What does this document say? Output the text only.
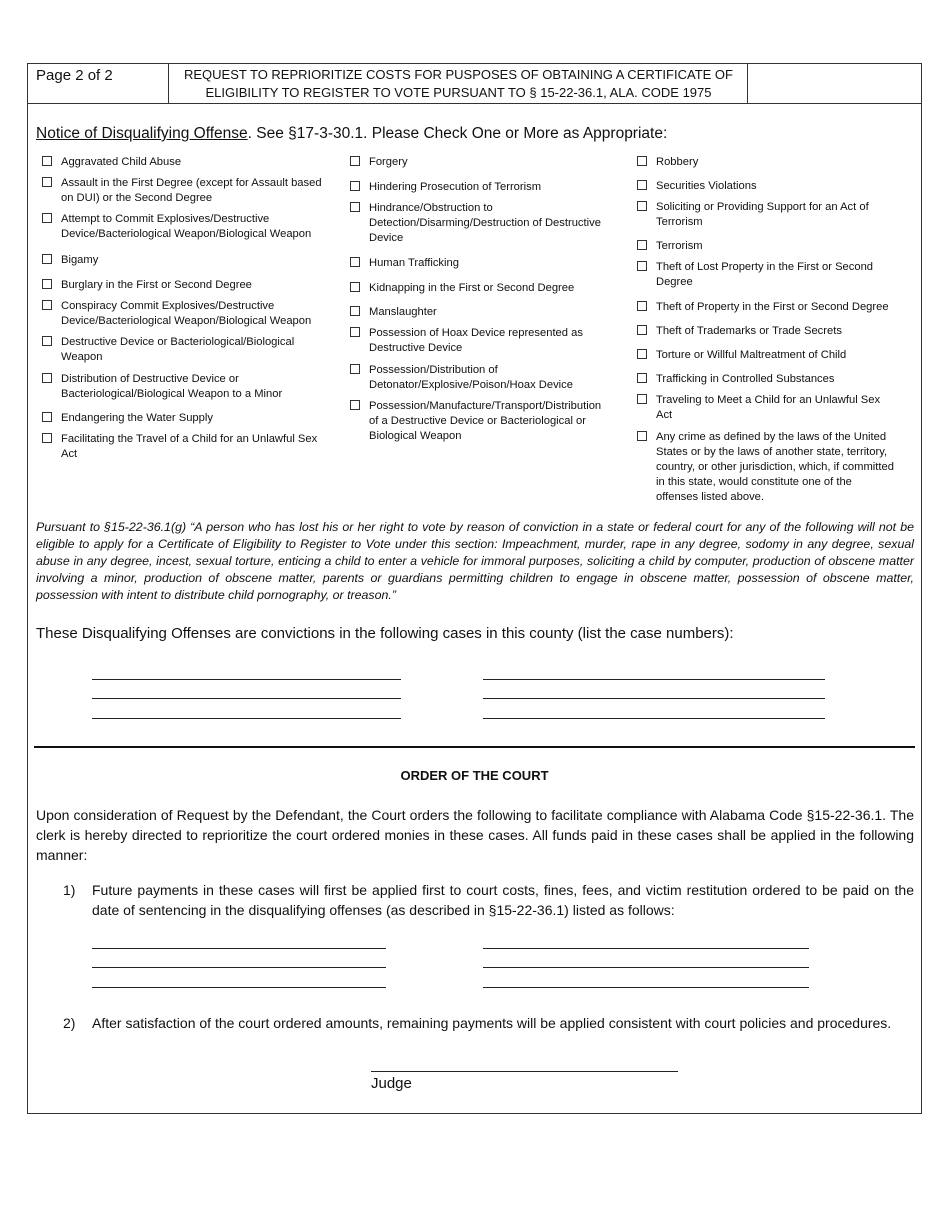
Page 2 of 2	REQUEST TO REPRIORITIZE COSTS FOR PUSPOSES OF OBTAINING A CERTIFICATE OF
ELIGIBILITY TO REGISTER TO VOTE PURSUANT TO § 15-22-36.1, ALA. CODE 1975
Notice of Disqualifying Offense. See §17-3-30.1. Please Check One or More as Appropriate:
Aggravated Child Abuse
Assault in the First Degree (except for Assault based on DUI) or the Second Degree
Attempt to Commit Explosives/Destructive Device/Bacteriological Weapon/Biological Weapon
Bigamy
Burglary in the First or Second Degree
Conspiracy Commit Explosives/Destructive Device/Bacteriological Weapon/Biological Weapon
Destructive Device or Bacteriological/Biological Weapon
Distribution of Destructive Device or Bacteriological/Biological Weapon to a Minor
Endangering the Water Supply
Facilitating the Travel of a Child for an Unlawful Sex Act
Forgery
Hindering Prosecution of Terrorism
Hindrance/Obstruction to Detection/Disarming/Destruction of Destructive Device
Human Trafficking
Kidnapping in the First or Second Degree
Manslaughter
Possession of Hoax Device represented as Destructive Device
Possession/Distribution of Detonator/Explosive/Poison/Hoax Device
Possession/Manufacture/Transport/Distribution of a Destructive Device or Bacteriological or Biological Weapon
Robbery
Securities Violations
Soliciting or Providing Support for an Act of Terrorism
Terrorism
Theft of Lost Property in the First or Second Degree
Theft of Property in the First or Second Degree
Theft of Trademarks or Trade Secrets
Torture or Willful Maltreatment of Child
Trafficking in Controlled Substances
Traveling to Meet a Child for an Unlawful Sex Act
Any crime as defined by the laws of the United States or by the laws of another state, territory, country, or other jurisdiction, which, if committed in this state, would constitute one of the offenses listed above.
Pursuant to §15-22-36.1(g) “A person who has lost his or her right to vote by reason of conviction in a state or federal court for any of the following will not be eligible to apply for a Certificate of Eligibility to Register to Vote under this section: Impeachment, murder, rape in any degree, sodomy in any degree, sexual abuse in any degree, incest, sexual torture, enticing a child to enter a vehicle for immoral purposes, soliciting a child by computer, production of obscene matter involving a minor, production of obscene matter, parents or guardians permitting children to engage in obscene matter, possession of obscene matter, possession with intent to distribute child pornography, or treason.”
These Disqualifying Offenses are convictions in the following cases in this county (list the case numbers):
ORDER OF THE COURT
Upon consideration of Request by the Defendant, the Court orders the following to facilitate compliance with Alabama Code §15-22-36.1. The clerk is hereby directed to reprioritize the court ordered monies in these cases. All funds paid in these cases shall be applied in the following manner:
1) Future payments in these cases will first be applied first to court costs, fines, fees, and victim restitution ordered to be paid on the date of sentencing in the disqualifying offenses (as described in §15-22-36.1) listed as follows:
2) After satisfaction of the court ordered amounts, remaining payments will be applied consistent with court policies and procedures.
Judge
